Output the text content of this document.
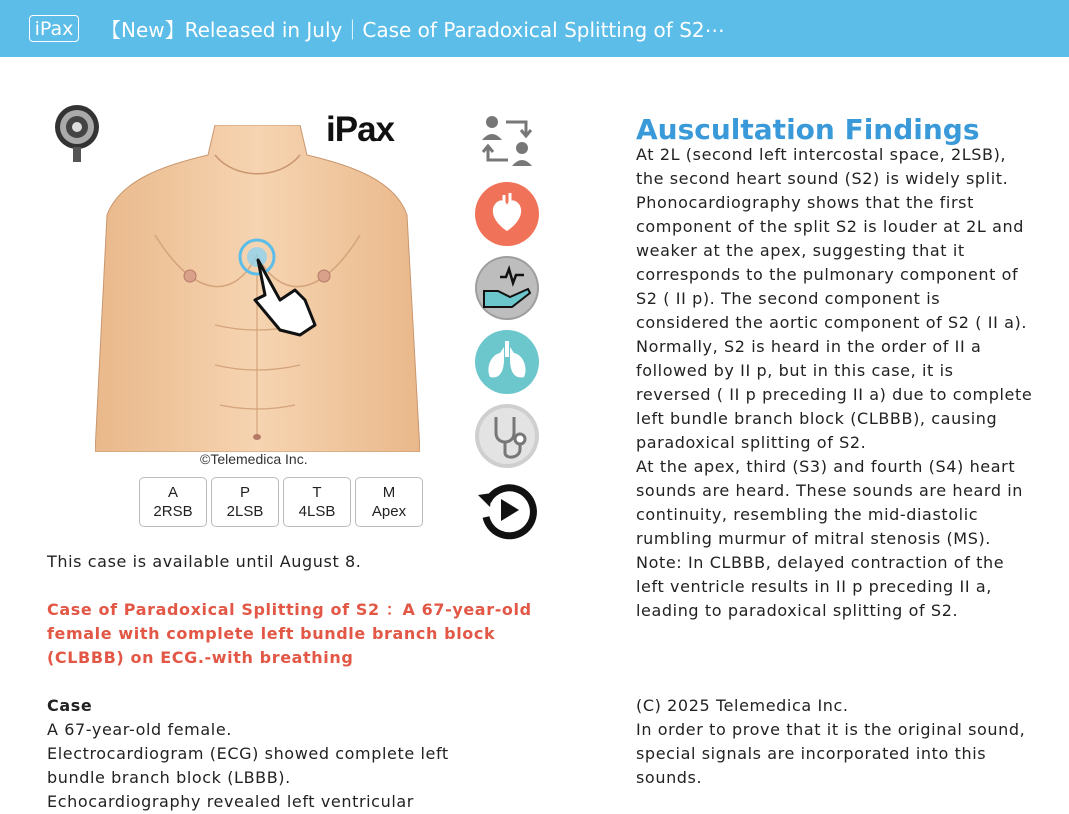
iPax 【New】Released in July｜Case of Paradoxical Splitting of S2⋯
iPax
©Telemedica Inc.
A
2RSB
P
2LSB
T
4LSB
M
Apex
This case is available until August 8.
Case of Paradoxical Splitting of S2 ：A 67-year-old
female with complete left bundle branch block
(CLBBB) on ECG.-with breathing
Case
A 67-year-old female.
Electrocardiogram (ECG) showed complete left
bundle branch block (LBBB).
Echocardiography revealed left ventricular
Auscultation Findings
At 2L (second left intercostal space, 2LSB),
the second heart sound (S2) is widely split.
Phonocardiography shows that the first
component of the split S2 is louder at 2L and
weaker at the apex, suggesting that it
corresponds to the pulmonary component of
S2 ( II p). The second component is
considered the aortic component of S2 ( II a).
Normally, S2 is heard in the order of II a
followed by II p, but in this case, it is
reversed ( II p preceding II a) due to complete
left bundle branch block (CLBBB), causing
paradoxical splitting of S2.
At the apex, third (S3) and fourth (S4) heart
sounds are heard. These sounds are heard in
continuity, resembling the mid-diastolic
rumbling murmur of mitral stenosis (MS).
Note: In CLBBB, delayed contraction of the
left ventricle results in II p preceding II a,
leading to paradoxical splitting of S2.
(C) 2025 Telemedica Inc.
In order to prove that it is the original sound,
special signals are incorporated into this
sounds.
